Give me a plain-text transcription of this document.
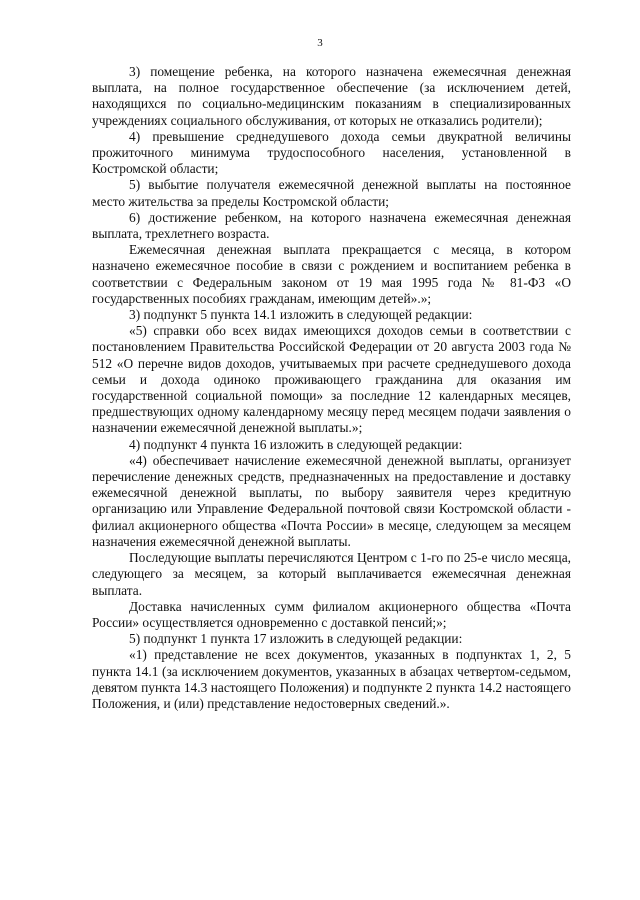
3

3) помещение ребенка, на которого назначена ежемесячная денежная выплата, на полное государственное обеспечение (за исключением детей, находящихся по социально-медицинским показаниям в специализированных учреждениях социального обслуживания, от которых не отказались родители);

4) превышение среднедушевого дохода семьи двукратной величины прожиточного минимума трудоспособного населения, установленной в Костромской области;

5) выбытие получателя ежемесячной денежной выплаты на постоянное место жительства за пределы Костромской области;

6) достижение ребенком, на которого назначена ежемесячная денежная выплата, трехлетнего возраста.

Ежемесячная денежная выплата прекращается с месяца, в котором назначено ежемесячное пособие в связи с рождением и воспитанием ребенка в соответствии с Федеральным законом от 19 мая 1995 года № 81-ФЗ «О государственных пособиях гражданам, имеющим детей».»;

3) подпункт 5 пункта 14.1 изложить в следующей редакции:

«5) справки обо всех видах имеющихся доходов семьи в соответствии с постановлением Правительства Российской Федерации от 20 августа 2003 года № 512 «О перечне видов доходов, учитываемых при расчете среднедушевого дохода семьи и дохода одиноко проживающего гражданина для оказания им государственной социальной помощи» за последние 12 календарных месяцев, предшествующих одному календарному месяцу перед месяцем подачи заявления о назначении ежемесячной денежной выплаты.»;

4) подпункт 4 пункта 16 изложить в следующей редакции:

«4) обеспечивает начисление ежемесячной денежной выплаты, организует перечисление денежных средств, предназначенных на предоставление и доставку ежемесячной денежной выплаты, по выбору заявителя через кредитную организацию или Управление Федеральной почтовой связи Костромской области - филиал акционерного общества «Почта России» в месяце, следующем за месяцем назначения ежемесячной денежной выплаты.

Последующие выплаты перечисляются Центром с 1-го по 25-е число месяца, следующего за месяцем, за который выплачивается ежемесячная денежная выплата.

Доставка начисленных сумм филиалом акционерного общества «Почта России» осуществляется одновременно с доставкой пенсий;»;

5) подпункт 1 пункта 17 изложить в следующей редакции:

«1) представление не всех документов, указанных в подпунктах 1, 2, 5 пункта 14.1 (за исключением документов, указанных в абзацах четвертом-седьмом, девятом пункта 14.3 настоящего Положения) и подпункте 2 пункта 14.2 настоящего Положения, и (или) представление недостоверных сведений.».
